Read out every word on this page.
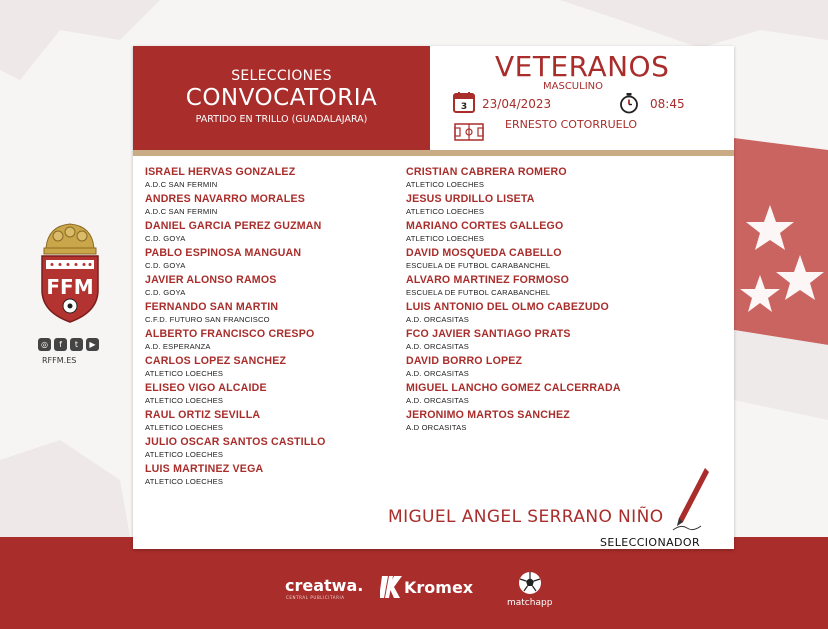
FFM
◎	f	t	▶
RFFM.ES
SELECCIONES
CONVOCATORIA
PARTIDO EN TRILLO (GUADALAJARA)
VETERANOS
MASCULINO
3 23/04/2023	08:45
ERNESTO COTORRUELO
ISRAEL HERVAS GONZALEZ
A.D.C SAN FERMIN
ANDRES NAVARRO MORALES
A.D.C SAN FERMIN
DANIEL GARCIA PEREZ GUZMAN
C.D. GOYA
PABLO ESPINOSA MANGUAN
C.D. GOYA
JAVIER ALONSO RAMOS
C.D. GOYA
FERNANDO SAN MARTIN
C.F.D. FUTURO SAN FRANCISCO
ALBERTO FRANCISCO CRESPO
A.D. ESPERANZA
CARLOS LOPEZ SANCHEZ
ATLETICO LOECHES
ELISEO VIGO ALCAIDE
ATLETICO LOECHES
RAUL ORTIZ SEVILLA
ATLETICO LOECHES
JULIO OSCAR SANTOS CASTILLO
ATLETICO LOECHES
LUIS MARTINEZ VEGA
ATLETICO LOECHES
CRISTIAN CABRERA ROMERO
ATLETICO LOECHES
JESUS URDILLO LISETA
ATLETICO LOECHES
MARIANO CORTES GALLEGO
ATLETICO LOECHES
DAVID MOSQUEDA CABELLO
ESCUELA DE FUTBOL CARABANCHEL
ALVARO MARTINEZ FORMOSO
ESCUELA DE FUTBOL CARABANCHEL
LUIS ANTONIO DEL OLMO CABEZUDO
A.D. ORCASITAS
FCO JAVIER SANTIAGO PRATS
A.D. ORCASITAS
DAVID BORRO LOPEZ
A.D. ORCASITAS
MIGUEL LANCHO GOMEZ CALCERRADA
A.D. ORCASITAS
JERONIMO MARTOS SANCHEZ
A.D ORCASITAS
MIGUEL ANGEL SERRANO NIÑO
SELECCIONADOR
creatwa.
CENTRAL PUBLICITARIA
Kromex
matchapp
